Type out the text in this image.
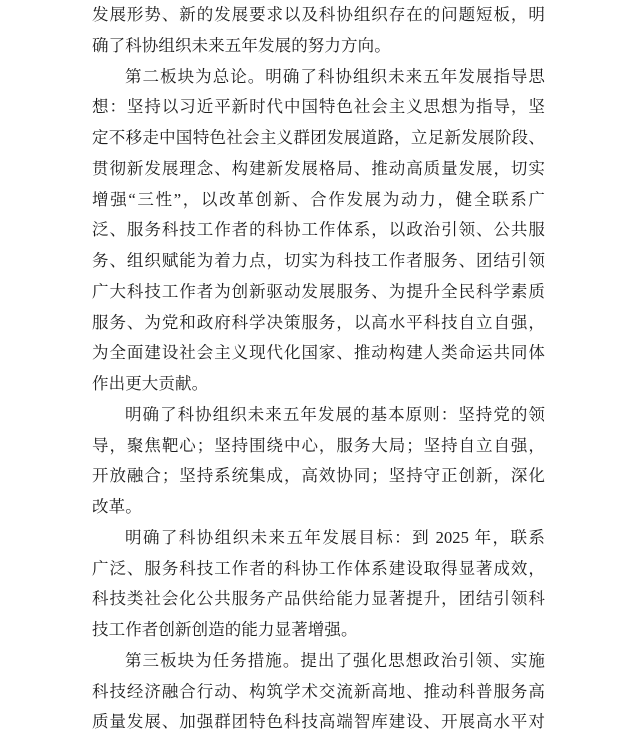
发展形势、新的发展要求以及科协组织存在的问题短板，明
确了科协组织未来五年发展的努力方向。
第二板块为总论。明确了科协组织未来五年发展指导思
想：坚持以习近平新时代中国特色社会主义思想为指导，坚
定不移走中国特色社会主义群团发展道路，立足新发展阶段、
贯彻新发展理念、构建新发展格局、推动高质量发展，切实
增强“三性”，以改革创新、合作发展为动力，健全联系广
泛、服务科技工作者的科协工作体系，以政治引领、公共服
务、组织赋能为着力点，切实为科技工作者服务、团结引领
广大科技工作者为创新驱动发展服务、为提升全民科学素质
服务、为党和政府科学决策服务，以高水平科技自立自强，
为全面建设社会主义现代化国家、推动构建人类命运共同体
作出更大贡献。
明确了科协组织未来五年发展的基本原则：坚持党的领
导，聚焦靶心；坚持围绕中心，服务大局；坚持自立自强，
开放融合；坚持系统集成，高效协同；坚持守正创新，深化
改革。
明确了科协组织未来五年发展目标：到 2025 年，联系
广泛、服务科技工作者的科协工作体系建设取得显著成效，
科技类社会化公共服务产品供给能力显著提升，团结引领科
技工作者创新创造的能力显著增强。
第三板块为任务措施。提出了强化思想政治引领、实施
科技经济融合行动、构筑学术交流新高地、推动科普服务高
质量发展、加强群团特色科技高端智库建设、开展高水平对
